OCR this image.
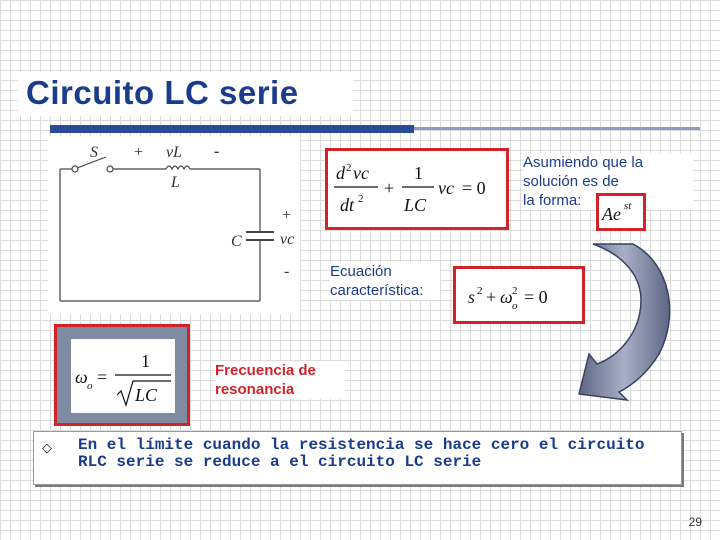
Circuito LC serie
S + vL -
L
+
C vc
-
d 2 vc
dt 2
+
1
LC
vc = 0
Asumiendo que la
solución es de
la forma:
Ae st
Ecuación
característica:	s 2 + ω 2
o = 0
ω o =
1
LC
Frecuencia de
resonancia
◇ En el límite cuando la resistencia se hace cero el circuito
RLC serie se reduce a el circuito LC serie
29
